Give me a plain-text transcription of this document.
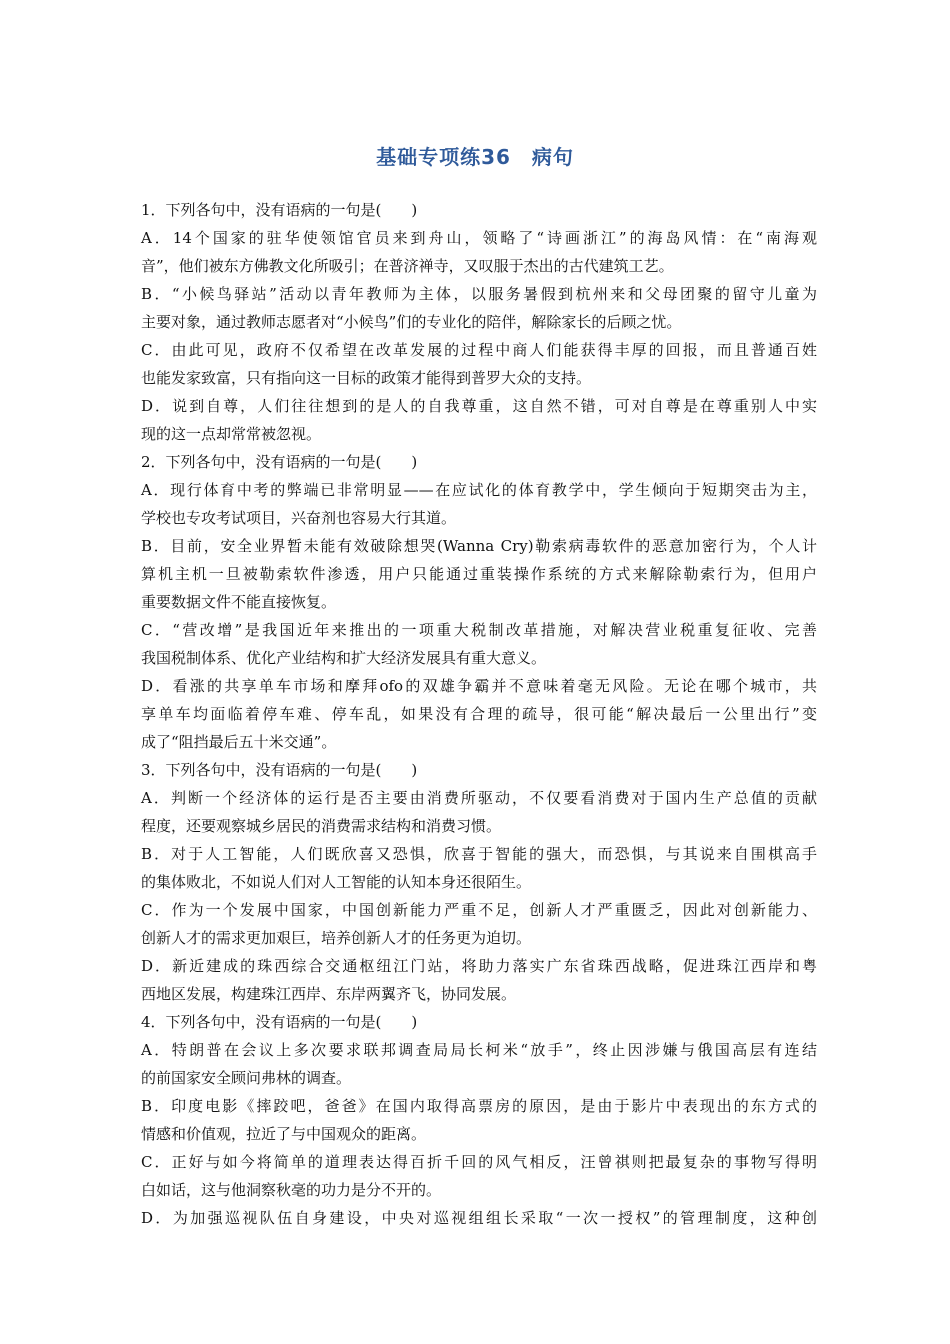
基础专项练36　病句
1．下列各句中，没有语病的一句是(　　)
A．14个国家的驻华使领馆官员来到舟山，领略了“诗画浙江”的海岛风情：在“南海观
音”，他们被东方佛教文化所吸引；在普济禅寺，又叹服于杰出的古代建筑工艺。
B．“小候鸟驿站”活动以青年教师为主体，以服务暑假到杭州来和父母团聚的留守儿童为
主要对象，通过教师志愿者对“小候鸟”们的专业化的陪伴，解除家长的后顾之忧。
C．由此可见，政府不仅希望在改革发展的过程中商人们能获得丰厚的回报，而且普通百姓
也能发家致富，只有指向这一目标的政策才能得到普罗大众的支持。
D．说到自尊，人们往往想到的是人的自我尊重，这自然不错，可对自尊是在尊重别人中实
现的这一点却常常被忽视。
2．下列各句中，没有语病的一句是(　　)
A．现行体育中考的弊端已非常明显——在应试化的体育教学中，学生倾向于短期突击为主，
学校也专攻考试项目，兴奋剂也容易大行其道。
B．目前，安全业界暂未能有效破除想哭(Wanna Cry)勒索病毒软件的恶意加密行为，个人计
算机主机一旦被勒索软件渗透，用户只能通过重装操作系统的方式来解除勒索行为，但用户
重要数据文件不能直接恢复。
C．“营改增”是我国近年来推出的一项重大税制改革措施，对解决营业税重复征收、完善
我国税制体系、优化产业结构和扩大经济发展具有重大意义。
D．看涨的共享单车市场和摩拜ofo的双雄争霸并不意味着毫无风险。无论在哪个城市，共
享单车均面临着停车难、停车乱，如果没有合理的疏导，很可能“解决最后一公里出行”变
成了“阻挡最后五十米交通”。
3．下列各句中，没有语病的一句是(　　)
A．判断一个经济体的运行是否主要由消费所驱动，不仅要看消费对于国内生产总值的贡献
程度，还要观察城乡居民的消费需求结构和消费习惯。
B．对于人工智能，人们既欣喜又恐惧，欣喜于智能的强大，而恐惧，与其说来自围棋高手
的集体败北，不如说人们对人工智能的认知本身还很陌生。
C．作为一个发展中国家，中国创新能力严重不足，创新人才严重匮乏，因此对创新能力、
创新人才的需求更加艰巨，培养创新人才的任务更为迫切。
D．新近建成的珠西综合交通枢纽江门站，将助力落实广东省珠西战略，促进珠江西岸和粤
西地区发展，构建珠江西岸、东岸两翼齐飞，协同发展。
4．下列各句中，没有语病的一句是(　　)
A．特朗普在会议上多次要求联邦调查局局长柯米“放手”，终止因涉嫌与俄国高层有连结
的前国家安全顾问弗林的调查。
B．印度电影《摔跤吧，爸爸》在国内取得高票房的原因，是由于影片中表现出的东方式的
情感和价值观，拉近了与中国观众的距离。
C．正好与如今将简单的道理表达得百折千回的风气相反，汪曾祺则把最复杂的事物写得明
白如话，这与他洞察秋毫的功力是分不开的。
D．为加强巡视队伍自身建设，中央对巡视组组长采取“一次一授权”的管理制度，这种创
